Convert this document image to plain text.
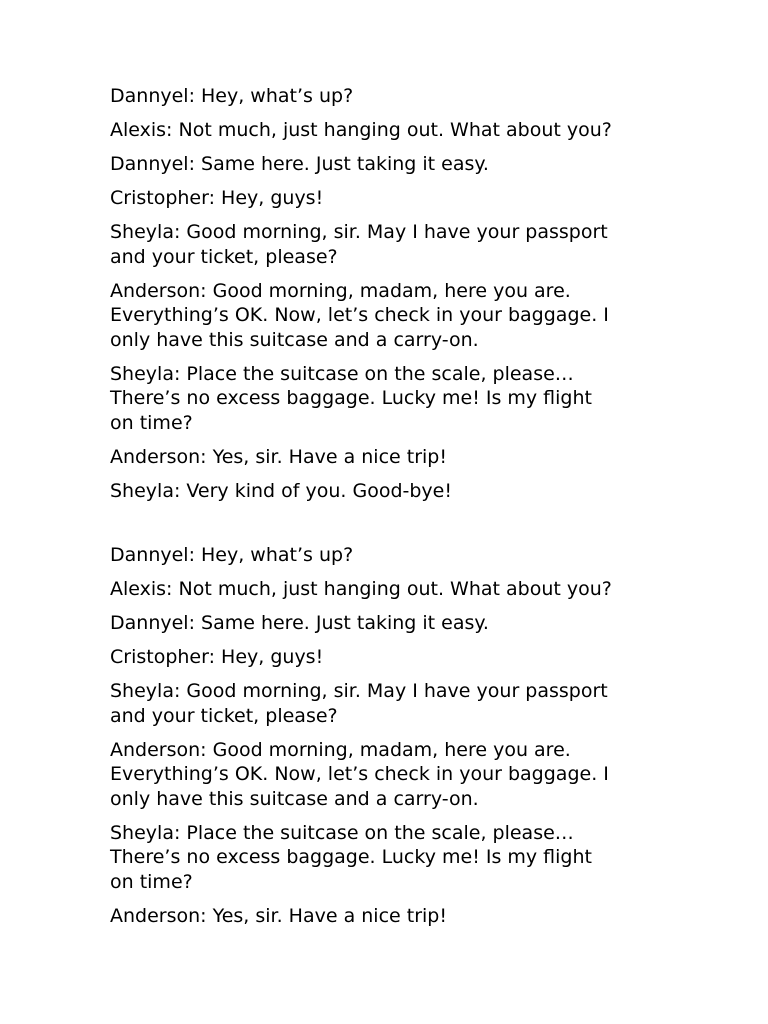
Dannyel: Hey, what’s up?

Alexis: Not much, just hanging out. What about you?

Dannyel: Same here. Just taking it easy.

Cristopher: Hey, guys!

Sheyla: Good morning, sir. May I have your passport
and your ticket, please?

Anderson: Good morning, madam, here you are.
Everything’s OK. Now, let’s check in your baggage. I
only have this suitcase and a carry-on.

Sheyla: Place the suitcase on the scale, please…
There’s no excess baggage. Lucky me! Is my flight
on time?

Anderson: Yes, sir. Have a nice trip!

Sheyla: Very kind of you. Good-bye!

Dannyel: Hey, what’s up?

Alexis: Not much, just hanging out. What about you?

Dannyel: Same here. Just taking it easy.

Cristopher: Hey, guys!

Sheyla: Good morning, sir. May I have your passport
and your ticket, please?

Anderson: Good morning, madam, here you are.
Everything’s OK. Now, let’s check in your baggage. I
only have this suitcase and a carry-on.

Sheyla: Place the suitcase on the scale, please…
There’s no excess baggage. Lucky me! Is my flight
on time?

Anderson: Yes, sir. Have a nice trip!
